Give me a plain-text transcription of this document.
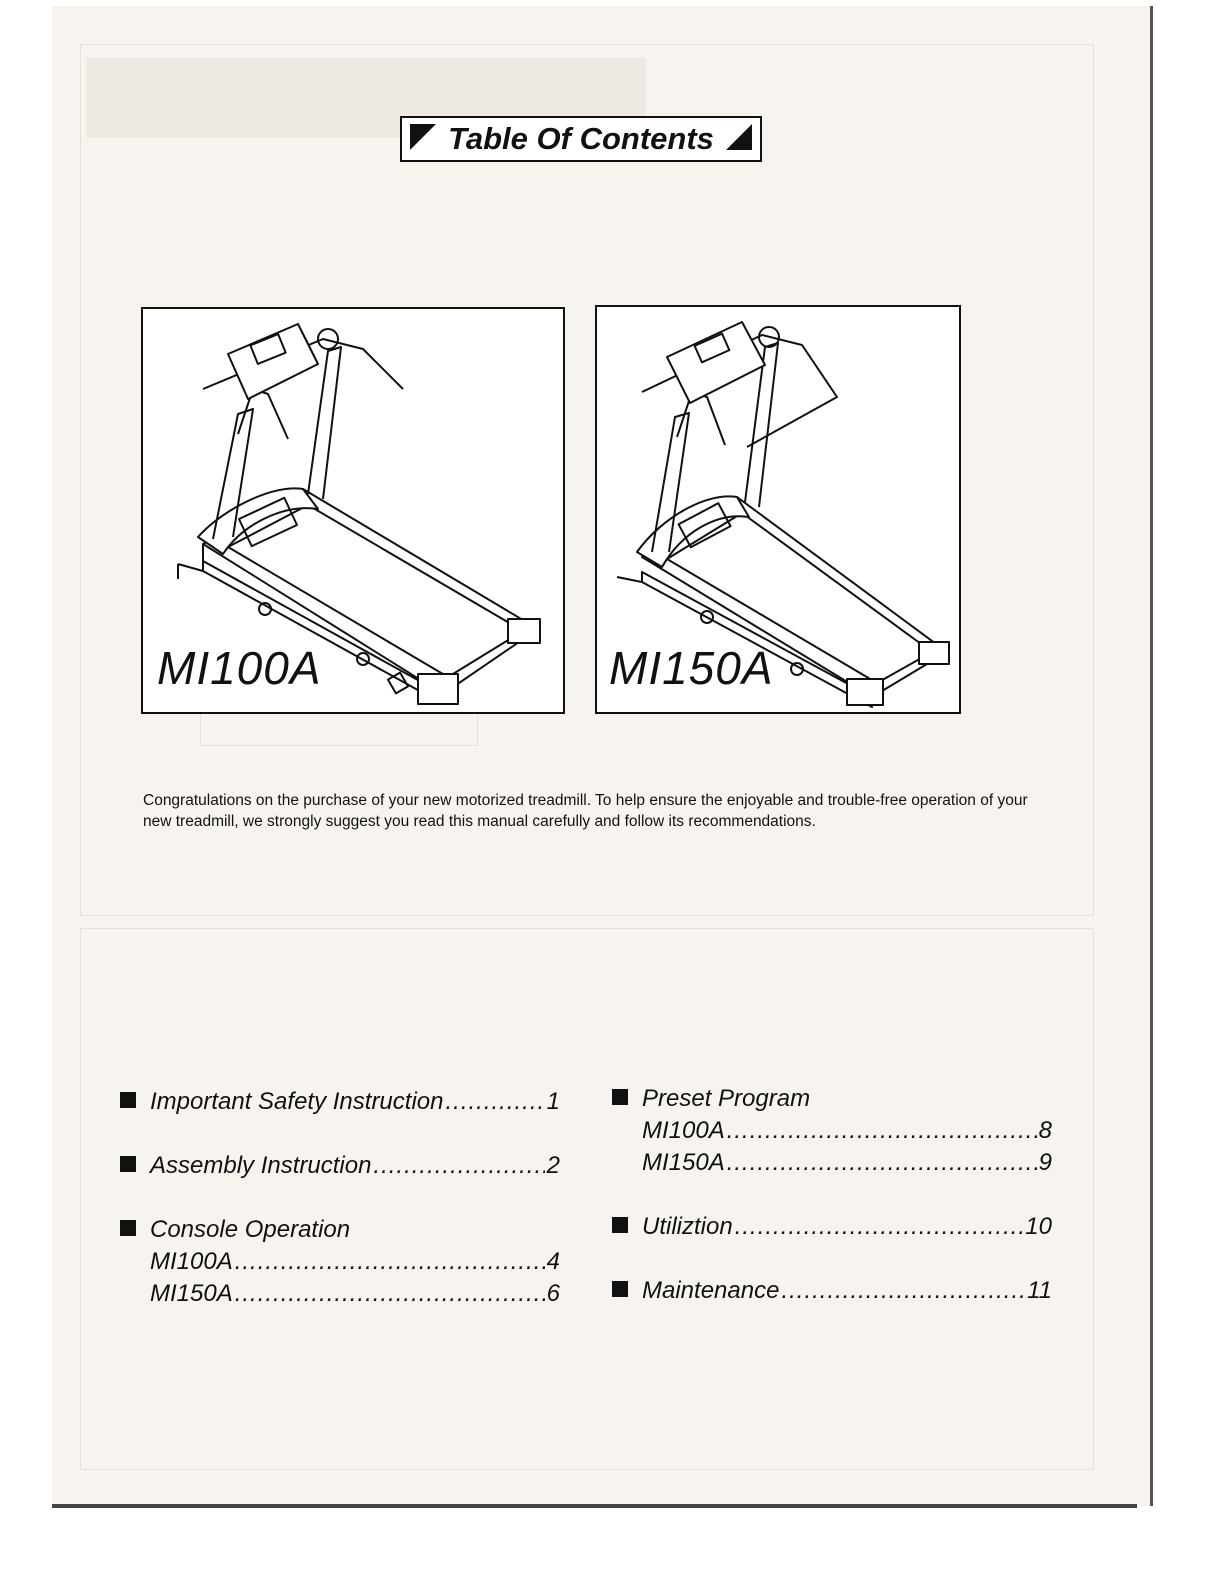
Table Of Contents
MI100A	MI150A
Congratulations on the purchase of your new motorized treadmill. To help ensure the enjoyable and trouble-free operation of your new treadmill, we strongly suggest you read this manual carefully and follow its recommendations.
Important Safety Instruction .....	1
Assembly Instruction .....	2
Console Operation
MI100A .....	4
MI150A .....	6
Preset Program
MI100A .....	8
MI150A .....	9
Utiliztion .....	10
Maintenance .....	11
